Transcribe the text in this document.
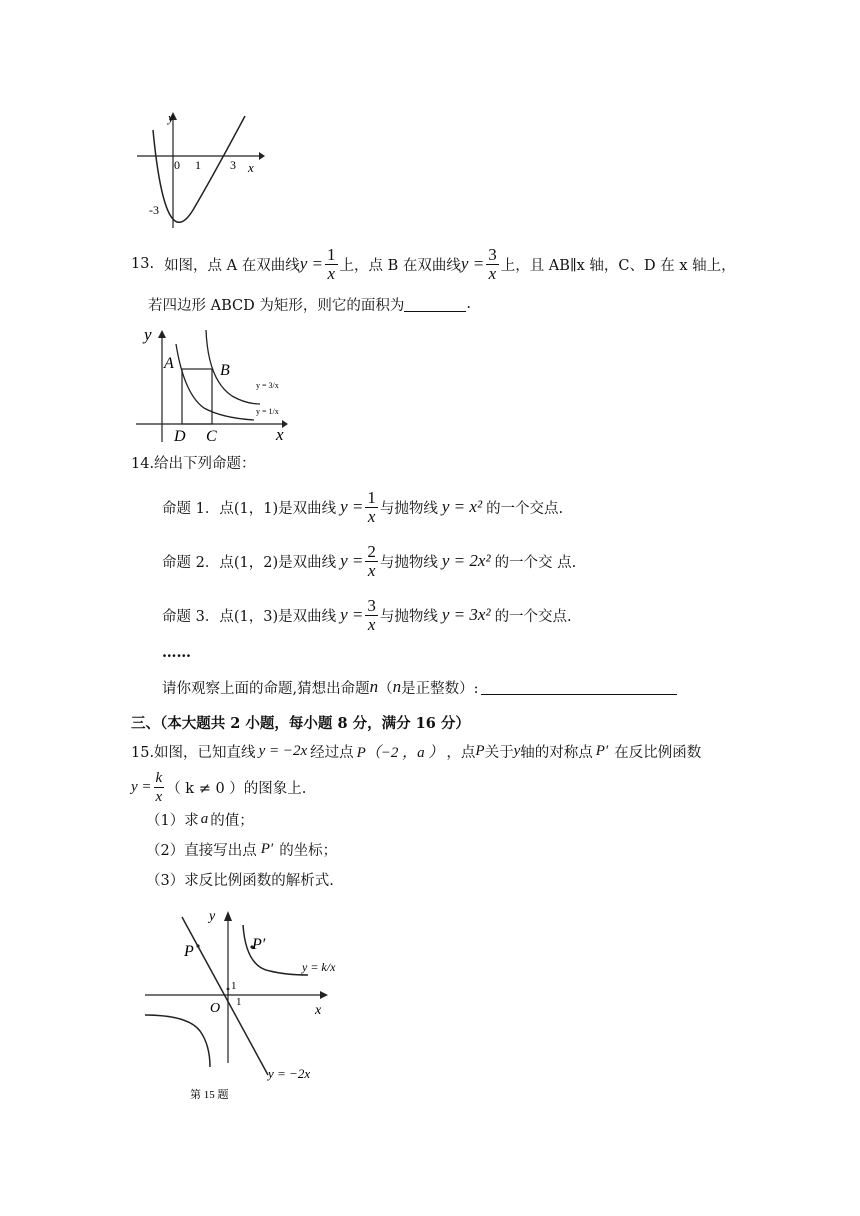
y
x
0 1 3
-3
13. 如图，点 A 在双曲线 $y = \frac{1}{x}$ 上，点 B 在双曲线 $y = \frac{3}{x}$ 上，且 AB∥x 轴，C、D 在 x 轴上，
若四边形 ABCD 为矩形，则它的面积为	.
y
x
A	B
D C
y = 3/x
y = 1/x
14.给出下列命题：
命题 1．点(1，1)是双曲线 $y = \frac{1}{x}$ 与抛物线 y = x² 的一个交点.
命题 2．点(1，2)是双曲线 $y = \frac{2}{x}$ 与抛物线 y = 2x² 的一个交 点.
命题 3．点(1，3)是双曲线 $y = \frac{3}{x}$ 与抛物线 y = 3x² 的一个交点.
……
请你观察上面的命题,猜想出命题 n （ n 是正整数）:
三、（本大题共 2 小题，每小题 8 分，满分 16 分）
15.如图，已知直线 y = −2x 经过点 P（−2 ，a ） ，点 P 关于 y 轴的对称点 P′ 在反比例函数
$y = \frac{k}{x}$ （ k ≠ 0 ）的图象上.
（1）求 a 的值；
（2）直接写出点 P′ 的坐标；
（3）求反比例函数的解析式.
y
x
O
1
1
P	P′
y = k/x
y = −2x
第 15 题
